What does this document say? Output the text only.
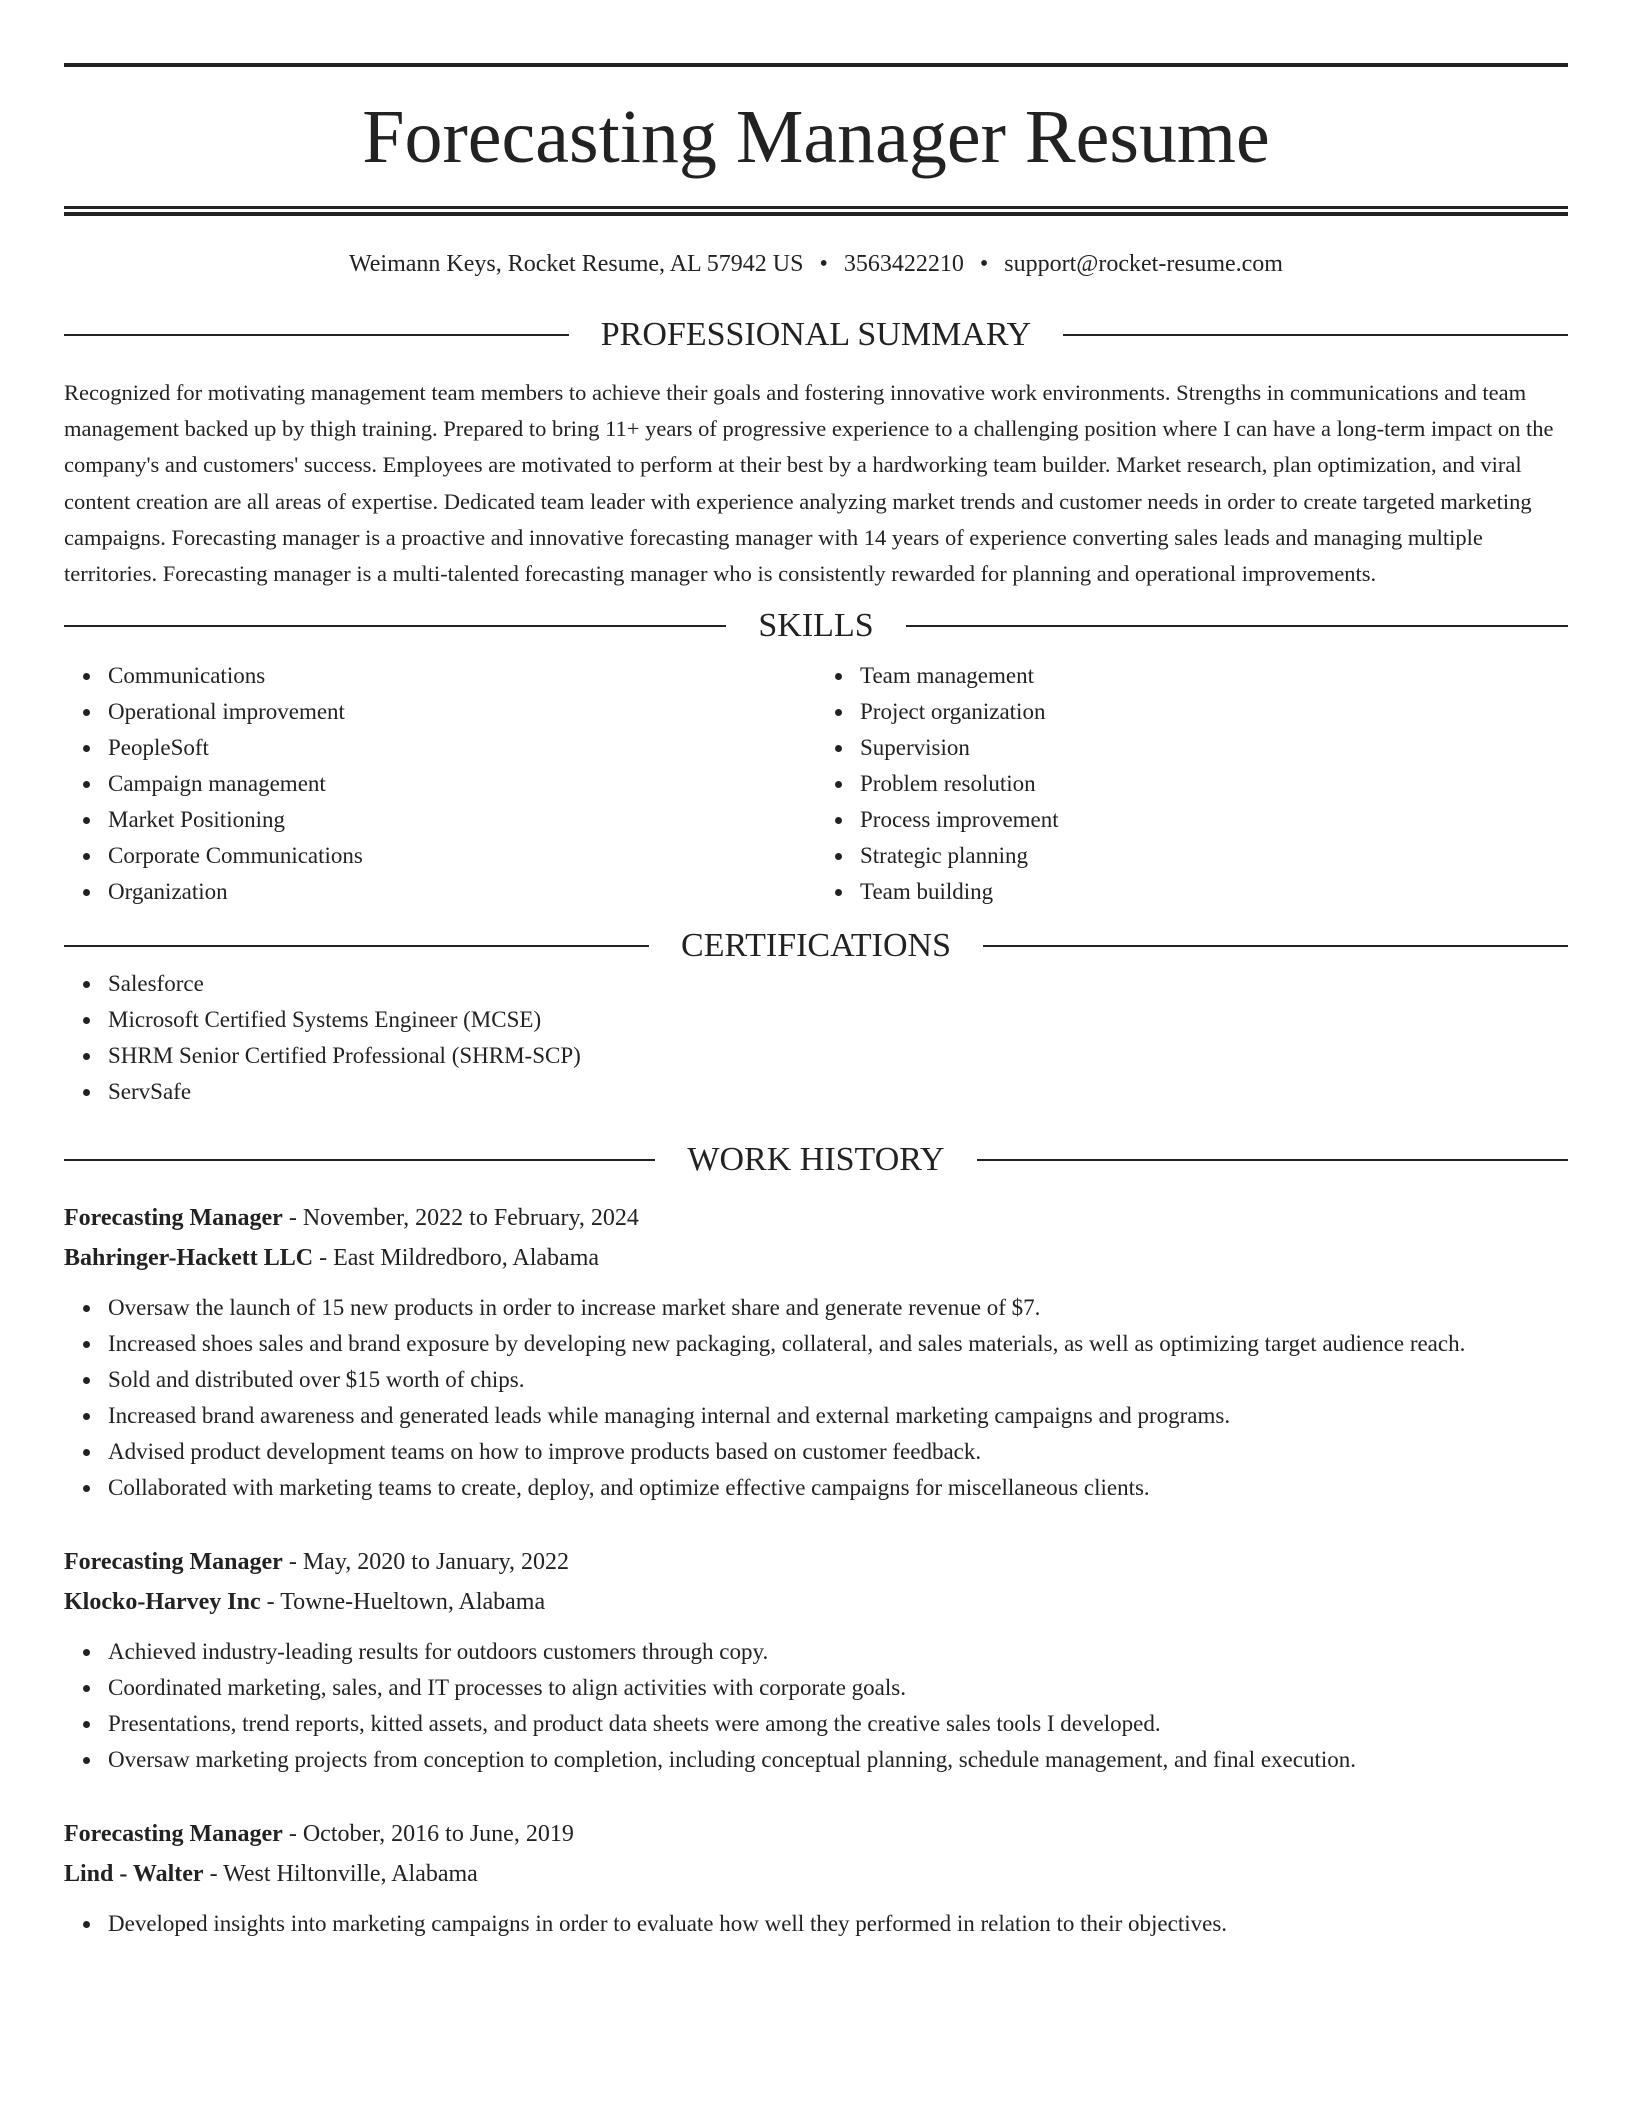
Forecasting Manager Resume
Weimann Keys, Rocket Resume, AL 57942 US • 3563422210 • support@rocket-resume.com
PROFESSIONAL SUMMARY
Recognized for motivating management team members to achieve their goals and fostering innovative work environments. Strengths in communications and team management backed up by thigh training. Prepared to bring 11+ years of progressive experience to a challenging position where I can have a long-term impact on the company's and customers' success. Employees are motivated to perform at their best by a hardworking team builder. Market research, plan optimization, and viral content creation are all areas of expertise. Dedicated team leader with experience analyzing market trends and customer needs in order to create targeted marketing campaigns. Forecasting manager is a proactive and innovative forecasting manager with 14 years of experience converting sales leads and managing multiple territories. Forecasting manager is a multi-talented forecasting manager who is consistently rewarded for planning and operational improvements.
SKILLS
Communications
Operational improvement
PeopleSoft
Campaign management
Market Positioning
Corporate Communications
Organization
Team management
Project organization
Supervision
Problem resolution
Process improvement
Strategic planning
Team building
CERTIFICATIONS
Salesforce
Microsoft Certified Systems Engineer (MCSE)
SHRM Senior Certified Professional (SHRM-SCP)
ServSafe
WORK HISTORY
Forecasting Manager - November, 2022 to February, 2024
Bahringer-Hackett LLC - East Mildredboro, Alabama
Oversaw the launch of 15 new products in order to increase market share and generate revenue of $7.
Increased shoes sales and brand exposure by developing new packaging, collateral, and sales materials, as well as optimizing target audience reach.
Sold and distributed over $15 worth of chips.
Increased brand awareness and generated leads while managing internal and external marketing campaigns and programs.
Advised product development teams on how to improve products based on customer feedback.
Collaborated with marketing teams to create, deploy, and optimize effective campaigns for miscellaneous clients.
Forecasting Manager - May, 2020 to January, 2022
Klocko-Harvey Inc - Towne-Hueltown, Alabama
Achieved industry-leading results for outdoors customers through copy.
Coordinated marketing, sales, and IT processes to align activities with corporate goals.
Presentations, trend reports, kitted assets, and product data sheets were among the creative sales tools I developed.
Oversaw marketing projects from conception to completion, including conceptual planning, schedule management, and final execution.
Forecasting Manager - October, 2016 to June, 2019
Lind - Walter - West Hiltonville, Alabama
Developed insights into marketing campaigns in order to evaluate how well they performed in relation to their objectives.
